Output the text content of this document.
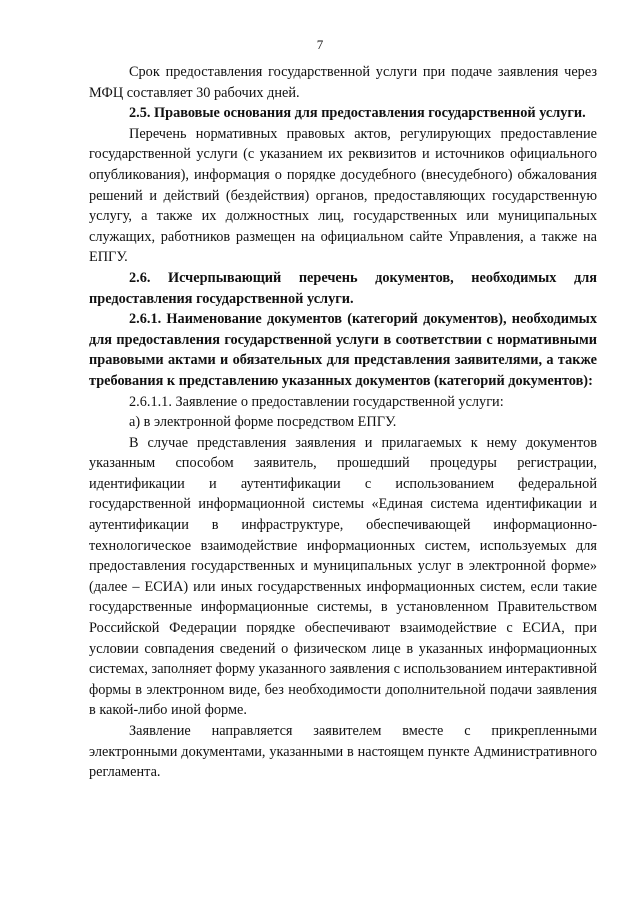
7

Срок предоставления государственной услуги при подаче заявления через МФЦ составляет 30 рабочих дней.

2.5. Правовые основания для предоставления государственной услуги.

Перечень нормативных правовых актов, регулирующих предоставление государственной услуги (с указанием их реквизитов и источников официального опубликования), информация о порядке досудебного (внесудебного) обжалования решений и действий (бездействия) органов, предоставляющих государственную услугу, а также их должностных лиц, государственных или муниципальных служащих, работников размещен на официальном сайте Управления, а также на ЕПГУ.

2.6. Исчерпывающий перечень документов, необходимых для предоставления государственной услуги.

2.6.1. Наименование документов (категорий документов), необходимых для предоставления государственной услуги в соответствии с нормативными правовыми актами и обязательных для представления заявителями, а также требования к представлению указанных документов (категорий документов):

2.6.1.1. Заявление о предоставлении государственной услуги:

а) в электронной форме посредством ЕПГУ.

В случае представления заявления и прилагаемых к нему документов указанным способом заявитель, прошедший процедуры регистрации, идентификации и аутентификации с использованием федеральной государственной информационной системы «Единая система идентификации и аутентификации в инфраструктуре, обеспечивающей информационно-технологическое взаимодействие информационных систем, используемых для предоставления государственных и муниципальных услуг в электронной форме» (далее – ЕСИА) или иных государственных информационных систем, если такие государственные информационные системы, в установленном Правительством Российской Федерации порядке обеспечивают взаимодействие с ЕСИА, при условии совпадения сведений о физическом лице в указанных информационных системах, заполняет форму указанного заявления с использованием интерактивной формы в электронном виде, без необходимости дополнительной подачи заявления в какой-либо иной форме.

Заявление направляется заявителем вместе с прикрепленными электронными документами, указанными в настоящем пункте Административного регламента.
